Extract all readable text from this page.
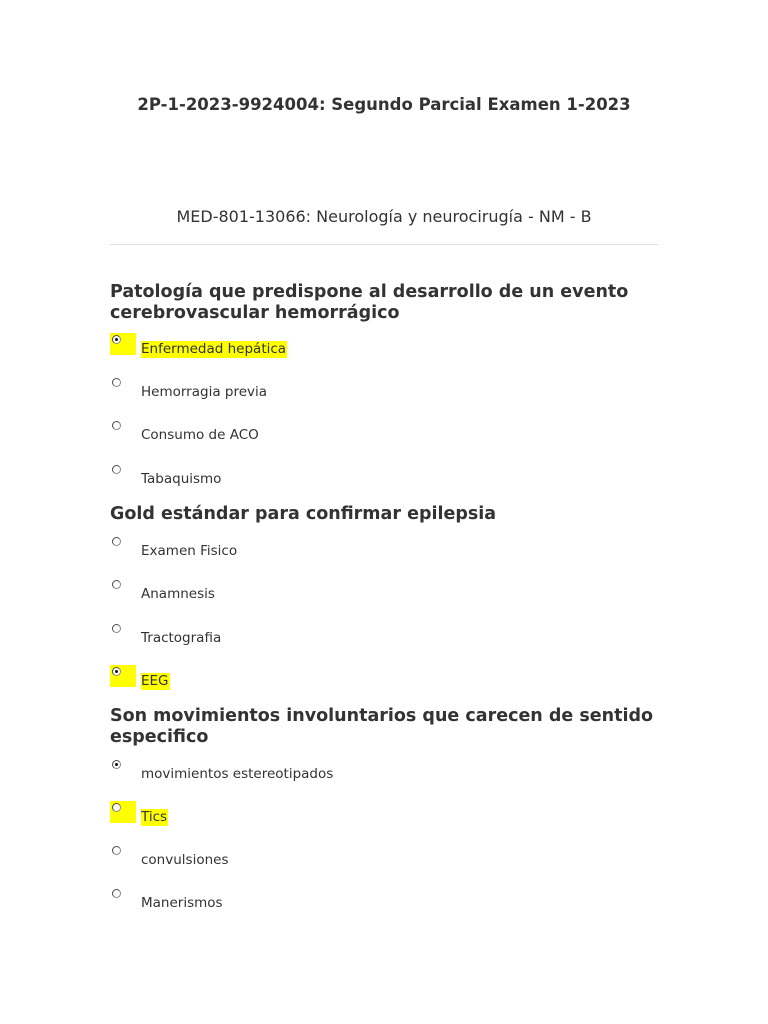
2P-1-2023-9924004: Segundo Parcial Examen 1-2023
MED-801-13066: Neurología y neurocirugía - NM - B
Patología que predispone al desarrollo de un evento cerebrovascular hemorrágico
Enfermedad hepática
Hemorragia previa
Consumo de ACO
Tabaquismo
Gold estándar para confirmar epilepsia
Examen Fisico
Anamnesis
Tractografia
EEG
Son movimientos involuntarios que carecen de sentido especifico
movimientos estereotipados
Tics
convulsiones
Manerismos
